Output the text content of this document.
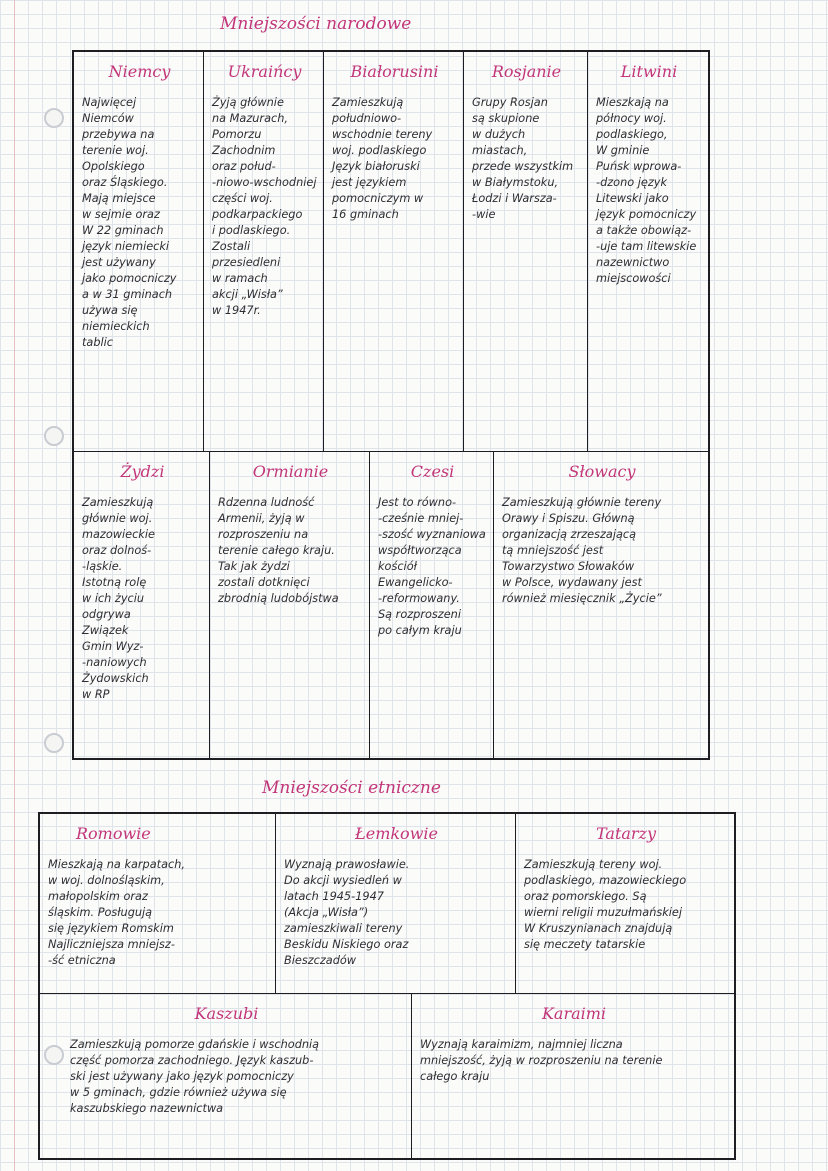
Mniejszości narodowe
Niemcy
Najwięcej
Niemców
przebywa na
terenie woj.
Opolskiego
oraz Śląskiego.
Mają miejsce
w sejmie oraz
W 22 gminach
język niemiecki
jest używany
jako pomocniczy
a w 31 gminach
używa się
niemieckich
tablic
Ukraińcy
Żyją głównie
na Mazurach,
Pomorzu
Zachodnim
oraz połud-
-niowo-wschodniej
części woj.
podkarpackiego
i podlaskiego.
Zostali
przesiedleni
w ramach
akcji „Wisła”
w 1947r.
Białorusini
Zamieszkują
południowo-
wschodnie tereny
woj. podlaskiego
Język białoruski
jest językiem
pomocniczym w
16 gminach
Rosjanie
Grupy Rosjan
są skupione
w dużych
miastach,
przede wszystkim
w Białymstoku,
Łodzi i Warsza-
-wie
Litwini
Mieszkają na
północy woj.
podlaskiego,
W gminie
Puńsk wprowa-
-dzono język
Litewski jako
język pomocniczy
a także obowiąz-
-uje tam litewskie
nazewnictwo
miejscowości
Żydzi
Zamieszkują
głównie woj.
mazowieckie
oraz dolnoś-
-ląskie.
Istotną rolę
w ich życiu
odgrywa
Związek
Gmin Wyz-
-naniowych
Żydowskich
w RP
Ormianie
Rdzenna ludność
Armenii, żyją w
rozproszeniu na
terenie całego kraju.
Tak jak żydzi
zostali dotknięci
zbrodnią ludobójstwa
Czesi
Jest to równo-
-cześnie mniej-
-szość wyznaniowa
współtworząca
kościół Ewangelicko-
-reformowany.
Są rozproszeni
po całym kraju
Słowacy
Zamieszkują głównie tereny
Orawy i Spiszu. Główną
organizacją zrzeszającą
tą mniejszość jest
Towarzystwo Słowaków
w Polsce, wydawany jest
również miesięcznik „Życie”
Mniejszości etniczne
Romowie
Mieszkają na karpatach,
w woj. dolnośląskim,
małopolskim oraz
śląskim. Posługują
się językiem Romskim
Najliczniejsza mniejsz-
-ść etniczna
Łemkowie
Wyznają prawosławie.
Do akcji wysiedleń w
latach 1945-1947
(Akcja „Wisła”)
zamieszkiwali tereny
Beskidu Niskiego oraz
Bieszczadów
Tatarzy
Zamieszkują tereny woj.
podlaskiego, mazowieckiego
oraz pomorskiego. Są
wierni religii muzułmańskiej
W Kruszynianach znajdują
się meczety tatarskie
Kaszubi
Zamieszkują pomorze gdańskie i wschodnią
część pomorza zachodniego. Język kaszub-
ski jest używany jako język pomocniczy
w 5 gminach, gdzie również używa się
kaszubskiego nazewnictwa
Karaimi
Wyznają karaimizm, najmniej liczna
mniejszość, żyją w rozproszeniu na terenie
całego kraju
